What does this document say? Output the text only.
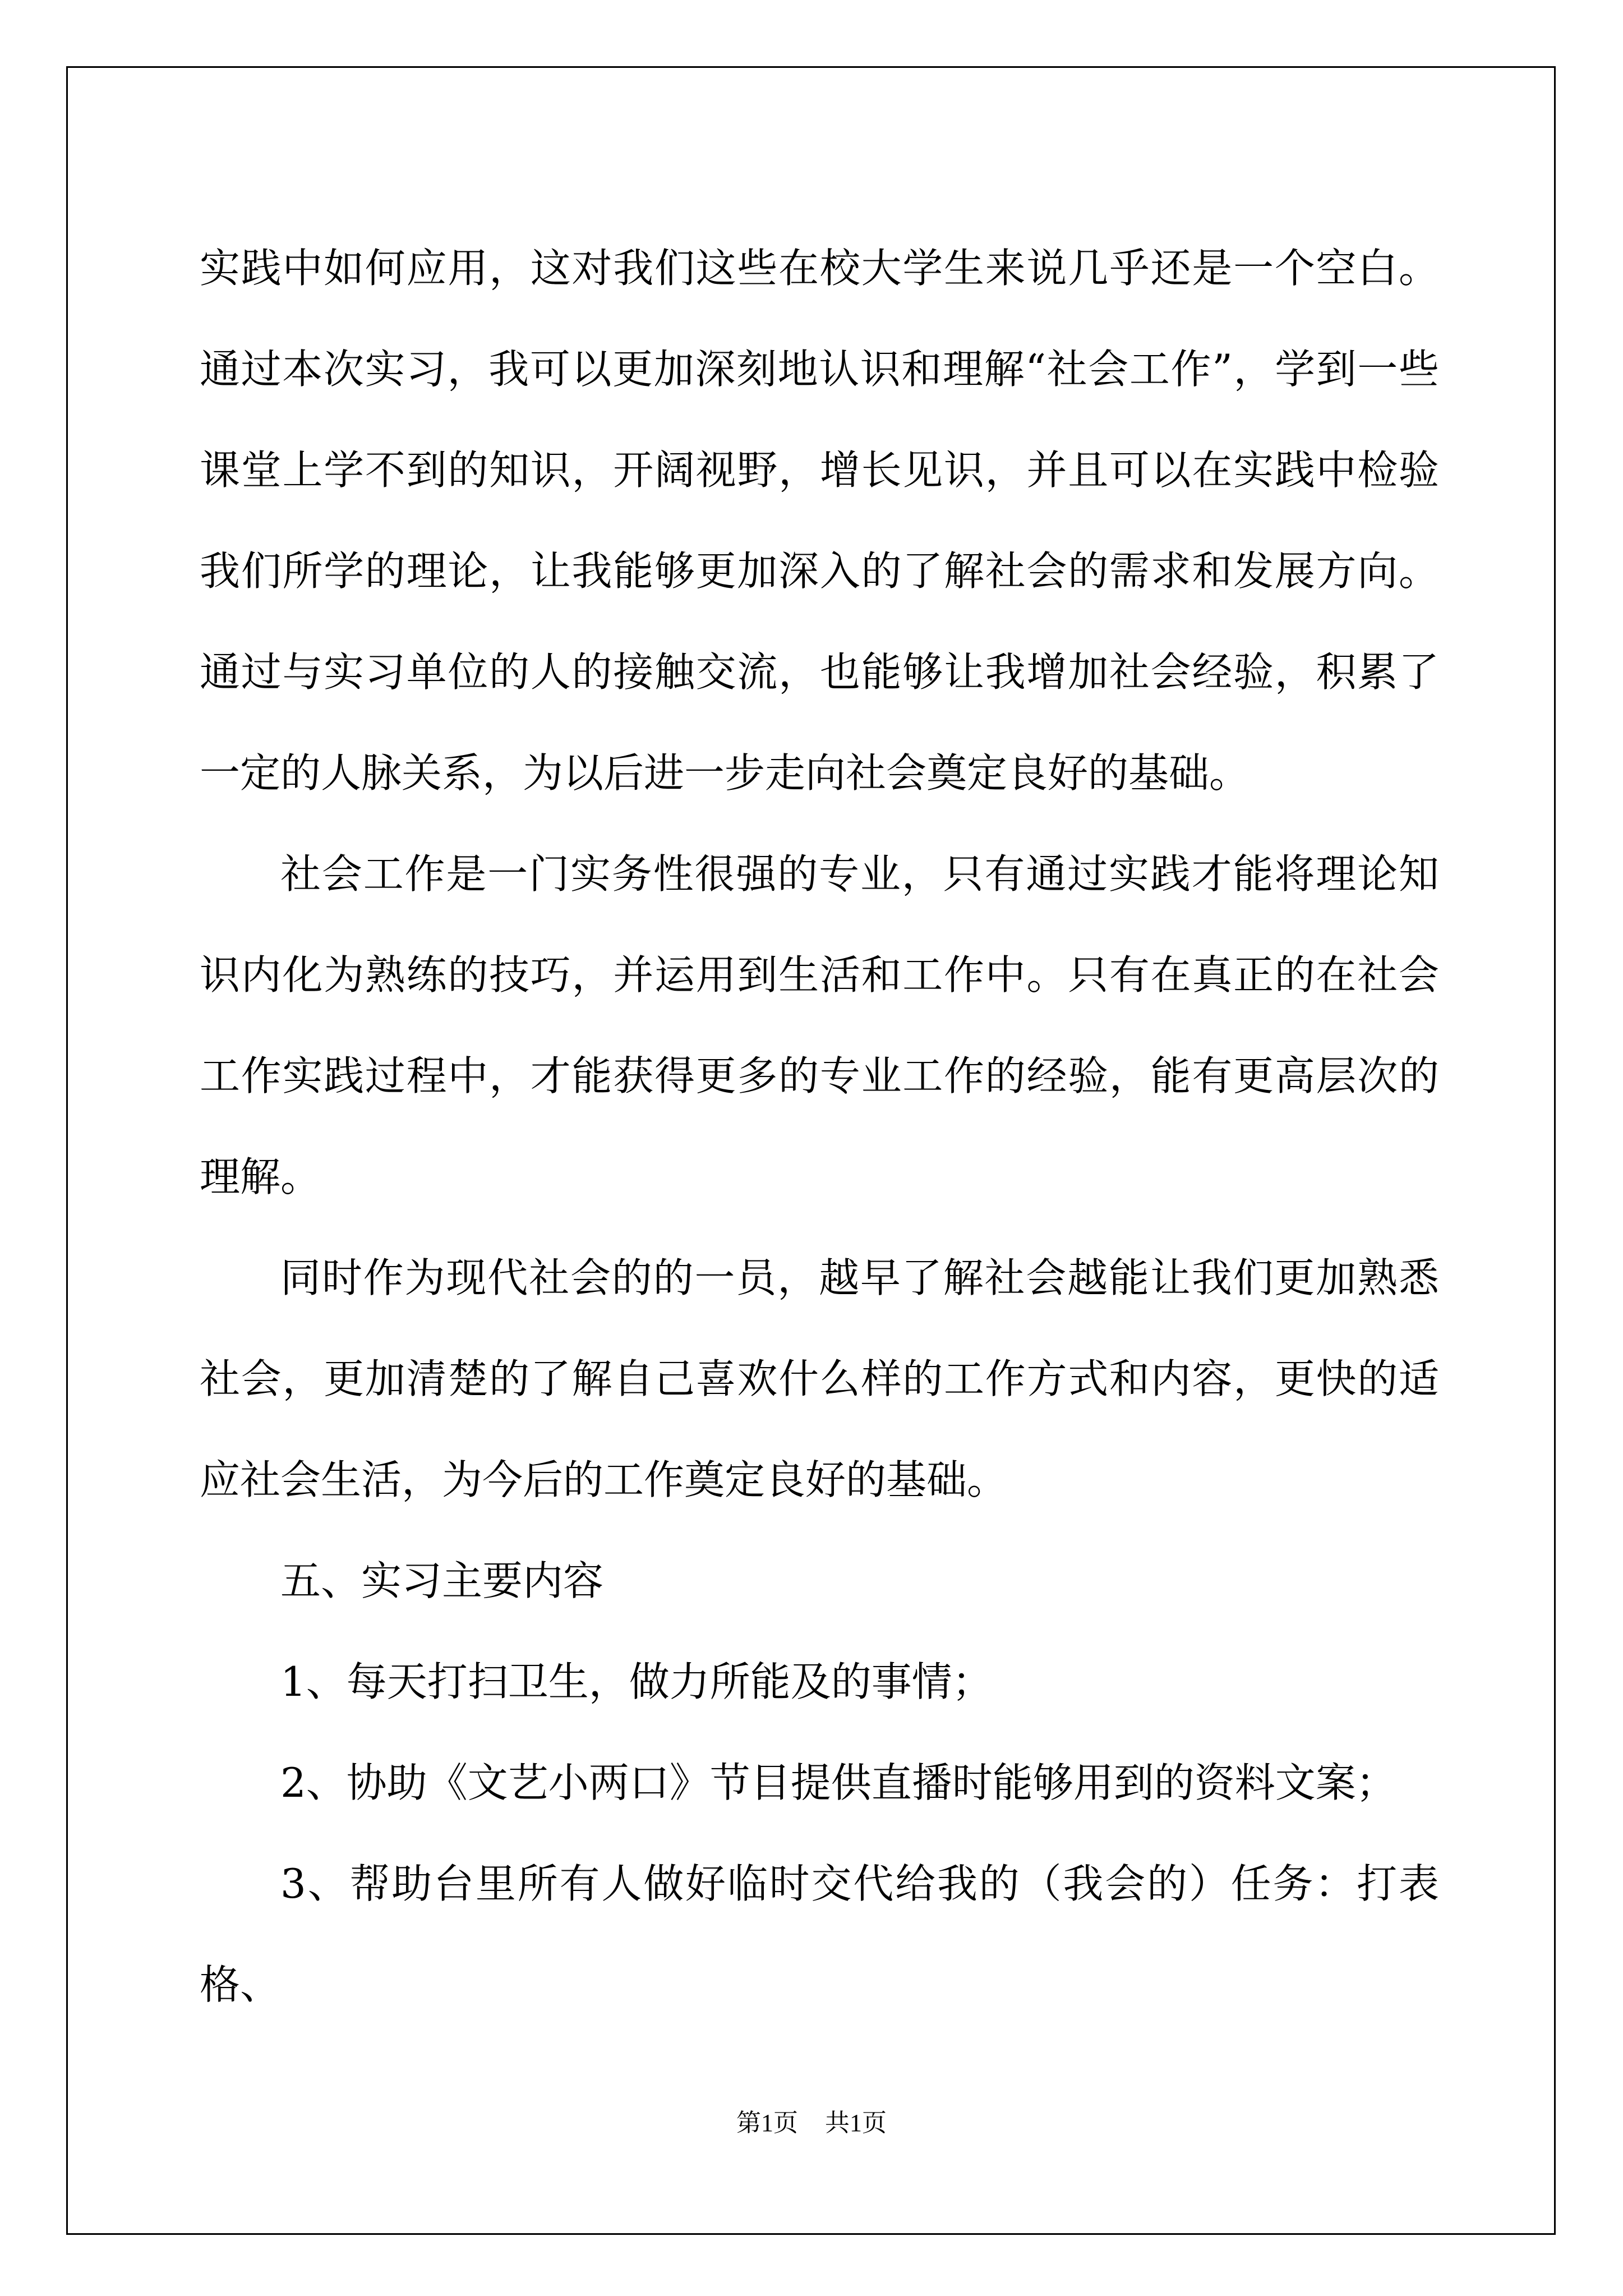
实践中如何应用，这对我们这些在校大学生来说几乎还是一个空白。通过本次实习，我可以更加深刻地认识和理解“社会工作”，学到一些课堂上学不到的知识，开阔视野，增长见识，并且可以在实践中检验我们所学的理论，让我能够更加深入的了解社会的需求和发展方向。通过与实习单位的人的接触交流，也能够让我增加社会经验，积累了一定的人脉关系，为以后进一步走向社会奠定良好的基础。

社会工作是一门实务性很强的专业，只有通过实践才能将理论知识内化为熟练的技巧，并运用到生活和工作中。只有在真正的在社会工作实践过程中，才能获得更多的专业工作的经验，能有更高层次的理解。

同时作为现代社会的的一员，越早了解社会越能让我们更加熟悉社会，更加清楚的了解自己喜欢什么样的工作方式和内容，更快的适应社会生活，为今后的工作奠定良好的基础。

五、实习主要内容

1、每天打扫卫生，做力所能及的事情；

2、协助《文艺小两口》节目提供直播时能够用到的资料文案；

3、帮助台里所有人做好临时交代给我的（我会的）任务：打表格、

第1页 共1页
